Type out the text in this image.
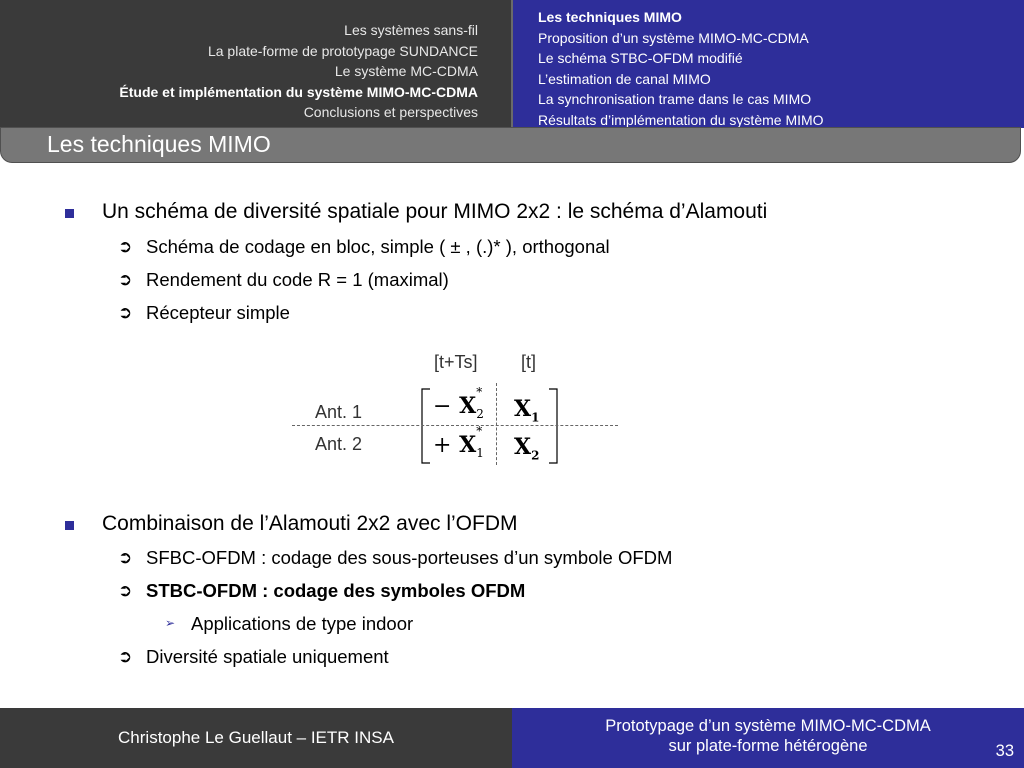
Les systèmes sans-fil
La plate-forme de prototypage SUNDANCE
Le système MC-CDMA
Étude et implémentation du système MIMO-MC-CDMA
Conclusions et perspectives
Les techniques MIMO
Proposition d’un système MIMO-MC-CDMA
Le schéma STBC-OFDM modifié
L’estimation de canal MIMO
La synchronisation trame dans le cas MIMO
Résultats d’implémentation du système MIMO
Les techniques MIMO
Un schéma de diversité spatiale pour MIMO 2x2 : le schéma d’Alamouti
➲ Schéma de codage en bloc, simple ( ± , (.)* ), orthogonal
➲ Rendement du code R = 1 (maximal)
➲ Récepteur simple
[t+Ts] [t]
Ant. 1
Ant. 2
− $X^*_2$ $X_1$
+ $X^*_1$ $X_2$
Combinaison de l’Alamouti 2x2 avec l’OFDM
➲ SFBC-OFDM : codage des sous-porteuses d’un symbole OFDM
➲ STBC-OFDM : codage des symboles OFDM
➢ Applications de type indoor
➲ Diversité spatiale uniquement
Christophe Le Guellaut – IETR INSA
Prototypage d’un système MIMO-MC-CDMA
sur plate-forme hétérogène	33
